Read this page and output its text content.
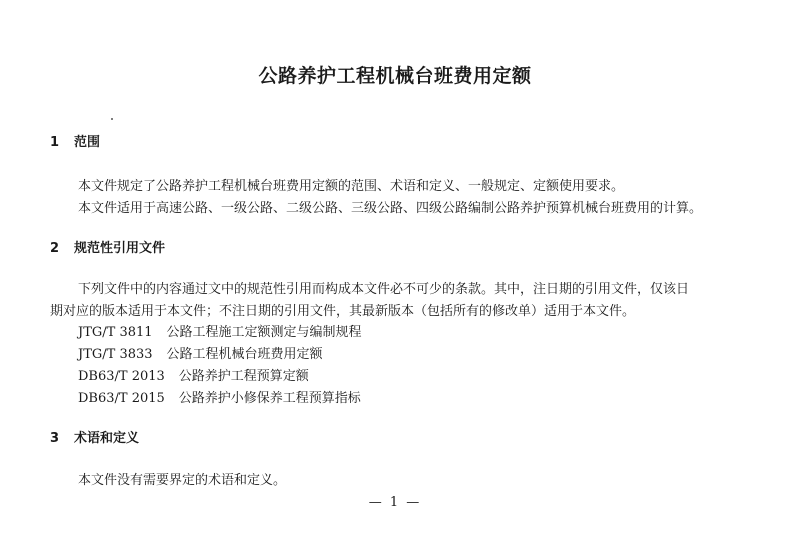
公路养护工程机械台班费用定额
1 范围
本文件规定了公路养护工程机械台班费用定额的范围、术语和定义、一般规定、定额使用要求。
本文件适用于高速公路、一级公路、二级公路、三级公路、四级公路编制公路养护预算机械台班费用的计算。
2 规范性引用文件
下列文件中的内容通过文中的规范性引用而构成本文件必不可少的条款。其中，注日期的引用文件，仅该日
期对应的版本适用于本文件；不注日期的引用文件，其最新版本（包括所有的修改单）适用于本文件。
JTG/T 3811 公路工程施工定额测定与编制规程
JTG/T 3833 公路工程机械台班费用定额
DB63/T 2013 公路养护工程预算定额
DB63/T 2015 公路养护小修保养工程预算指标
3 术语和定义
本文件没有需要界定的术语和定义。
— 1 —
